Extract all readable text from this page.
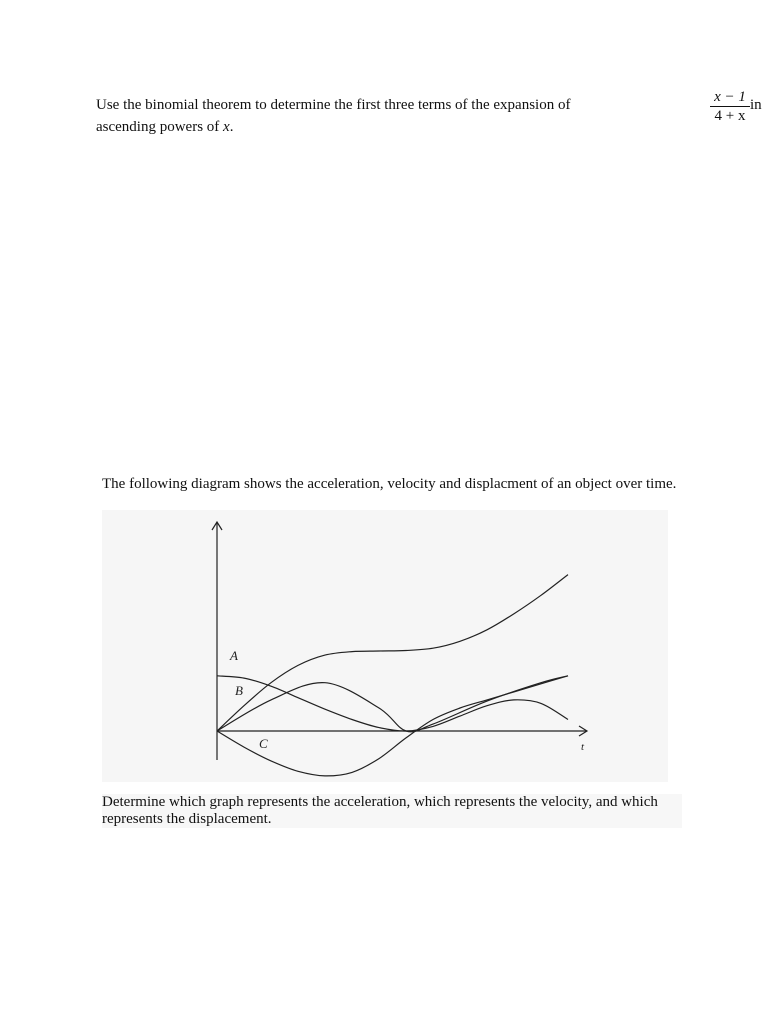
Use the binomial theorem to determine the first three terms of the expansion of	$\frac{x - 1}{4 + x}$ in
ascending powers of x.
The following diagram shows the acceleration, velocity and displacment of an object over time.
A
B
C	t
Determine which graph represents the acceleration, which represents the velocity, and which represents the displacement.
